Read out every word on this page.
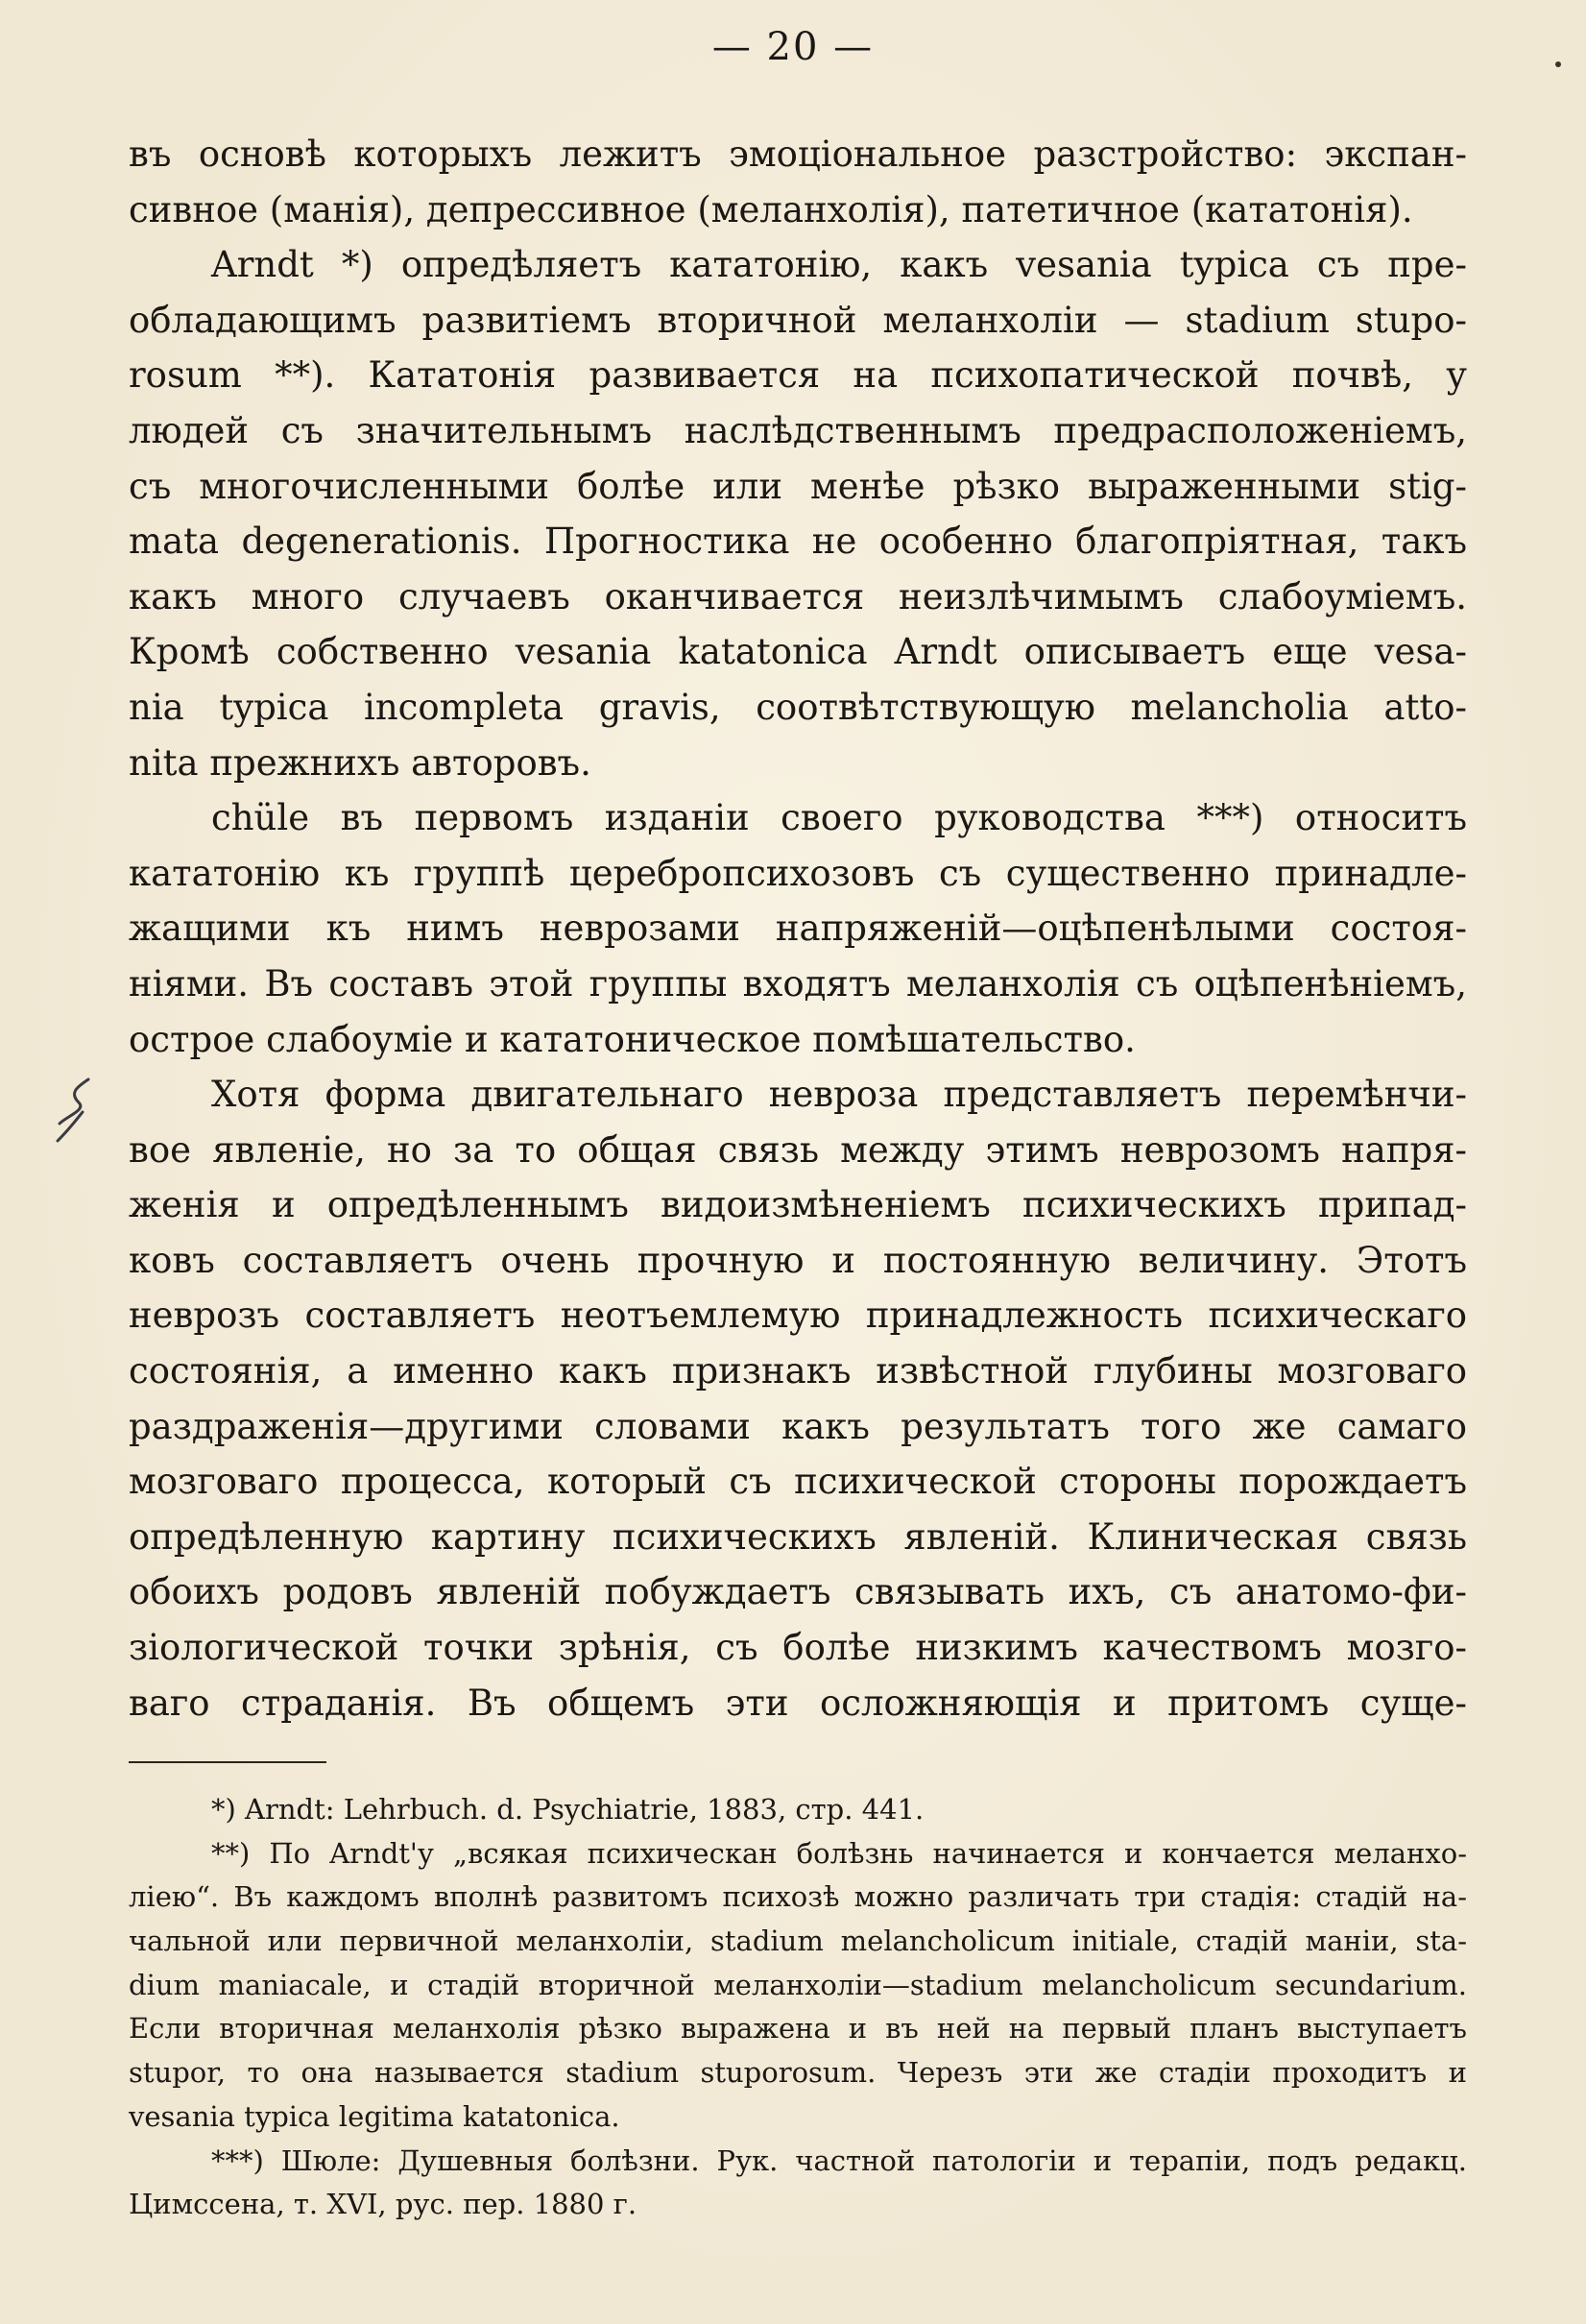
— 20 —
въ основѣ которыхъ лежитъ эмоціональное разстройство: экспан-
сивное (манія), депрессивное (меланхолія), патетичное (кататонія).
Arndt *) опредѣляетъ кататонію, какъ vesania typica съ пре-
обладающимъ развитіемъ вторичной меланхоліи — stadium stupo-
rosum **). Кататонія развивается на психопатической почвѣ, у
людей съ значительнымъ наслѣдственнымъ предрасположеніемъ,
съ многочисленными болѣе или менѣе рѣзко выраженными stig-
mata degenerationis. Прогностика не особенно благопріятная, такъ
какъ много случаевъ оканчивается неизлѣчимымъ слабоуміемъ.
Кромѣ собственно vesania katatonica Arndt описываетъ еще vesa-
nia typica incompleta gravis, соотвѣтствующую melancholia atto-
nita прежнихъ авторовъ.
chüle въ первомъ изданіи своего руководства ***) относитъ
кататонію къ группѣ церебропсихозовъ съ существенно принадле-
жащими къ нимъ неврозами напряженій—оцѣпенѣлыми состоя-
ніями. Въ составъ этой группы входятъ меланхолія съ оцѣпенѣніемъ,
острое слабоуміе и кататоническое помѣшательство.
Хотя форма двигательнаго невроза представляетъ перемѣнчи-
вое явленіе, но за то общая связь между этимъ неврозомъ напря-
женія и опредѣленнымъ видоизмѣненіемъ психическихъ припад-
ковъ составляетъ очень прочную и постоянную величину. Этотъ
неврозъ составляетъ неотъемлемую принадлежность психическаго
состоянія, а именно какъ признакъ извѣстной глубины мозговаго
раздраженія—другими словами какъ результатъ того же самаго
мозговаго процесса, который съ психической стороны порождаетъ
опредѣленную картину психическихъ явленій. Клиническая связь
обоихъ родовъ явленій побуждаетъ связывать ихъ, съ анатомо-фи-
зіологической точки зрѣнія, съ болѣе низкимъ качествомъ мозго-
ваго страданія. Въ общемъ эти осложняющія и притомъ суще-
*) Arndt: Lehrbuch. d. Psychiatrie, 1883, стр. 441.
**) По Arndt'у „всякая психическан болѣзнь начинается и кончается меланхо-
ліею“. Въ каждомъ вполнѣ развитомъ психозѣ можно различать три стадія: стадій на-
чальной или первичной меланхоліи, stadium melancholicum initiale, стадій маніи, sta-
dium maniacale, и стадій вторичной меланхоліи—stadium melancholicum secundarium.
Если вторичная меланхолія рѣзко выражена и въ ней на первый планъ выступаетъ
stupor, то она называется stadium stuporosum. Черезъ эти же стадіи проходитъ и
vesania typica legitima katatonica.
***) Шюле: Душевныя болѣзни. Рук. частной патологіи и терапіи, подъ редакц.
Цимссена, т. XVI, рус. пер. 1880 г.
